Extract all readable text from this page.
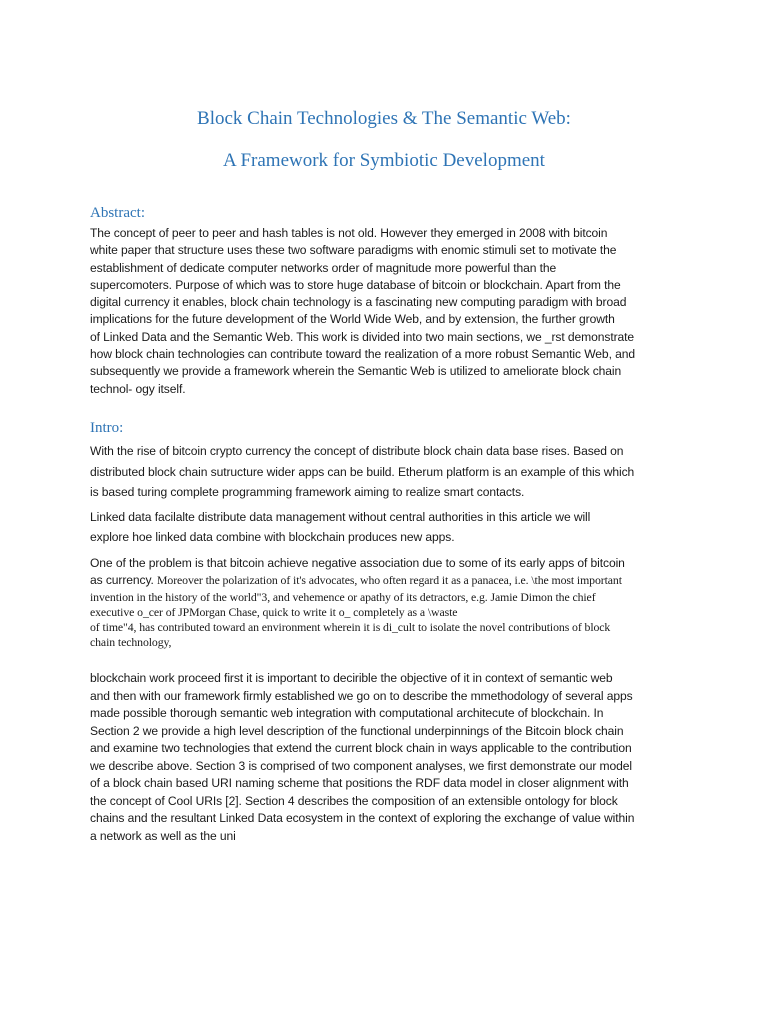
Block Chain Technologies & The Semantic Web:
A Framework for Symbiotic Development
Abstract:

The concept of peer to peer and hash tables is not old. However they emerged in 2008 with bitcoin
white paper that structure uses these two software paradigms with enomic stimuli set to motivate the
establishment of dedicate computer networks order of magnitude more powerful than the
supercomoters. Purpose of which was to store huge database of bitcoin or blockchain. Apart from the
digital currency it enables, block chain technology is a fascinating new computing paradigm with broad
implications for the future development of the World Wide Web, and by extension, the further growth
of Linked Data and the Semantic Web. This work is divided into two main sections, we _rst demonstrate
how block chain technologies can contribute toward the realization of a more robust Semantic Web, and
subsequently we provide a framework wherein the Semantic Web is utilized to ameliorate block chain
technol- ogy itself.

Intro:

With the rise of bitcoin crypto currency the concept of distribute block chain data base rises. Based on
distributed block chain sutructure wider apps can be build. Etherum platform is an example of this which
is based turing complete programming framework aiming to realize smart contacts.

Linked data facilalte distribute data management without central authorities in this article we will
explore hoe linked data combine with blockchain produces new apps.

One of the problem is that bitcoin achieve negative association due to some of its early apps of bitcoin
as currency. Moreover the polarization of it's advocates, who often regard it as a panacea, i.e. \the most important
invention in the history of the world"3, and vehemence or apathy of its detractors, e.g. Jamie Dimon the chief
executive o_cer of JPMorgan Chase, quick to write it o_ completely as a \waste
of time"4, has contributed toward an environment wherein it is di_cult to isolate the novel contributions of block
chain technology,

blockchain work proceed first it is important to decirible the objective of it in context of semantic web
and then with our framework firmly established we go on to describe the mmethodology of several apps
made possible thorough semantic web integration with computational architecute of blockchain. In
Section 2 we provide a high level description of the functional underpinnings of the Bitcoin block chain
and examine two technologies that extend the current block chain in ways applicable to the contribution
we describe above. Section 3 is comprised of two component analyses, we first demonstrate our model
of a block chain based URI naming scheme that positions the RDF data model in closer alignment with
the concept of Cool URIs [2]. Section 4 describes the composition of an extensible ontology for block
chains and the resultant Linked Data ecosystem in the context of exploring the exchange of value within
a network as well as the uni
